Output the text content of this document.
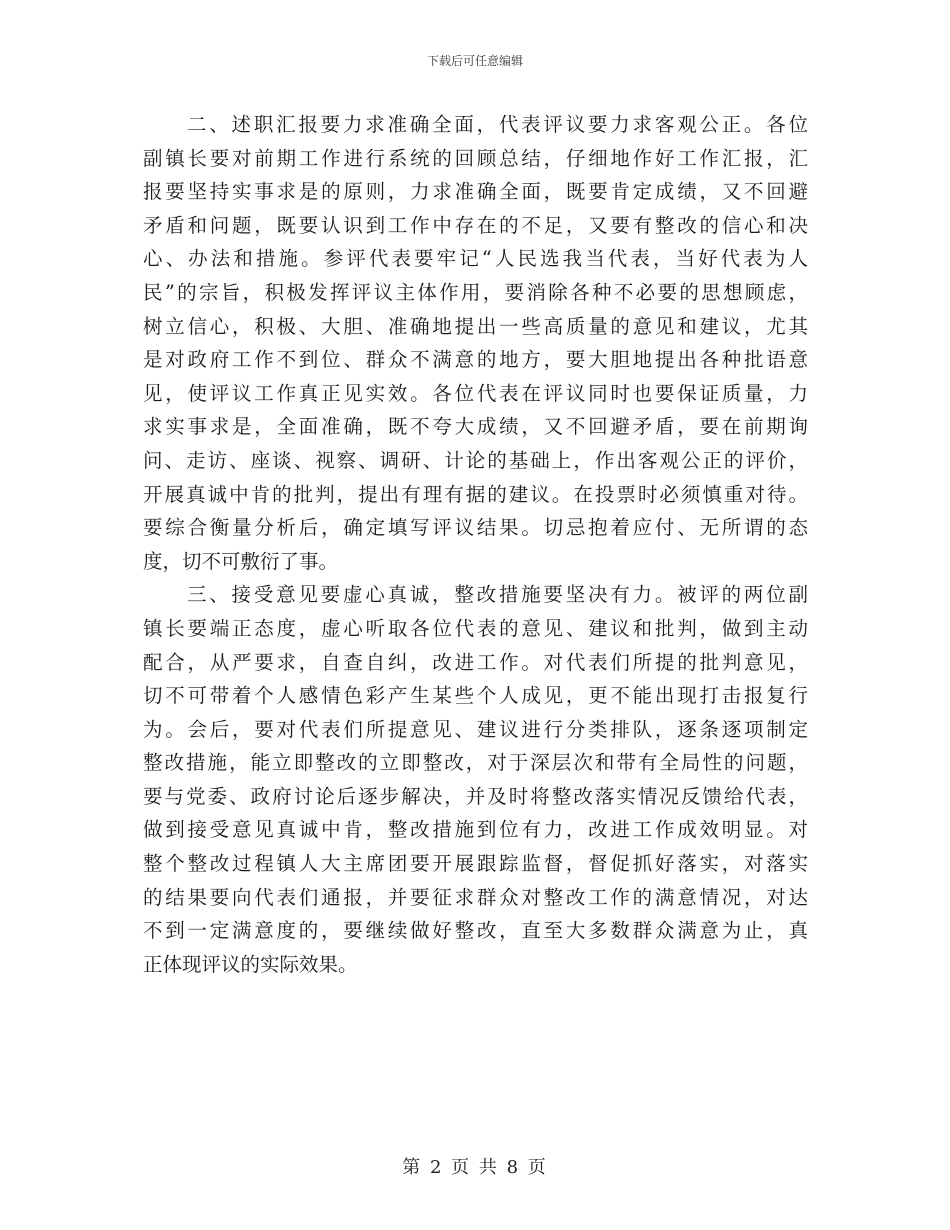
下载后可任意编辑
二、述职汇报要力求准确全面，代表评议要力求客观公正。各位
副镇长要对前期工作进行系统的回顾总结，仔细地作好工作汇报，汇
报要坚持实事求是的原则，力求准确全面，既要肯定成绩，又不回避
矛盾和问题，既要认识到工作中存在的不足，又要有整改的信心和决
心、办法和措施。参评代表要牢记“人民选我当代表，当好代表为人
民”的宗旨，积极发挥评议主体作用，要消除各种不必要的思想顾虑，
树立信心，积极、大胆、准确地提出一些高质量的意见和建议，尤其
是对政府工作不到位、群众不满意的地方，要大胆地提出各种批语意
见，使评议工作真正见实效。各位代表在评议同时也要保证质量，力
求实事求是，全面准确，既不夸大成绩，又不回避矛盾，要在前期询
问、走访、座谈、视察、调研、计论的基础上，作出客观公正的评价，
开展真诚中肯的批判，提出有理有据的建议。在投票时必须慎重对待。
要综合衡量分析后，确定填写评议结果。切忌抱着应付、无所谓的态
度，切不可敷衍了事。
三、接受意见要虚心真诚，整改措施要坚决有力。被评的两位副
镇长要端正态度，虚心听取各位代表的意见、建议和批判，做到主动
配合，从严要求，自查自纠，改进工作。对代表们所提的批判意见，
切不可带着个人感情色彩产生某些个人成见，更不能出现打击报复行
为。会后，要对代表们所提意见、建议进行分类排队，逐条逐项制定
整改措施，能立即整改的立即整改，对于深层次和带有全局性的问题，
要与党委、政府讨论后逐步解决，并及时将整改落实情况反馈给代表，
做到接受意见真诚中肯，整改措施到位有力，改进工作成效明显。对
整个整改过程镇人大主席团要开展跟踪监督，督促抓好落实，对落实
的结果要向代表们通报，并要征求群众对整改工作的满意情况，对达
不到一定满意度的，要继续做好整改，直至大多数群众满意为止，真
正体现评议的实际效果。
第 2 页 共 8 页
